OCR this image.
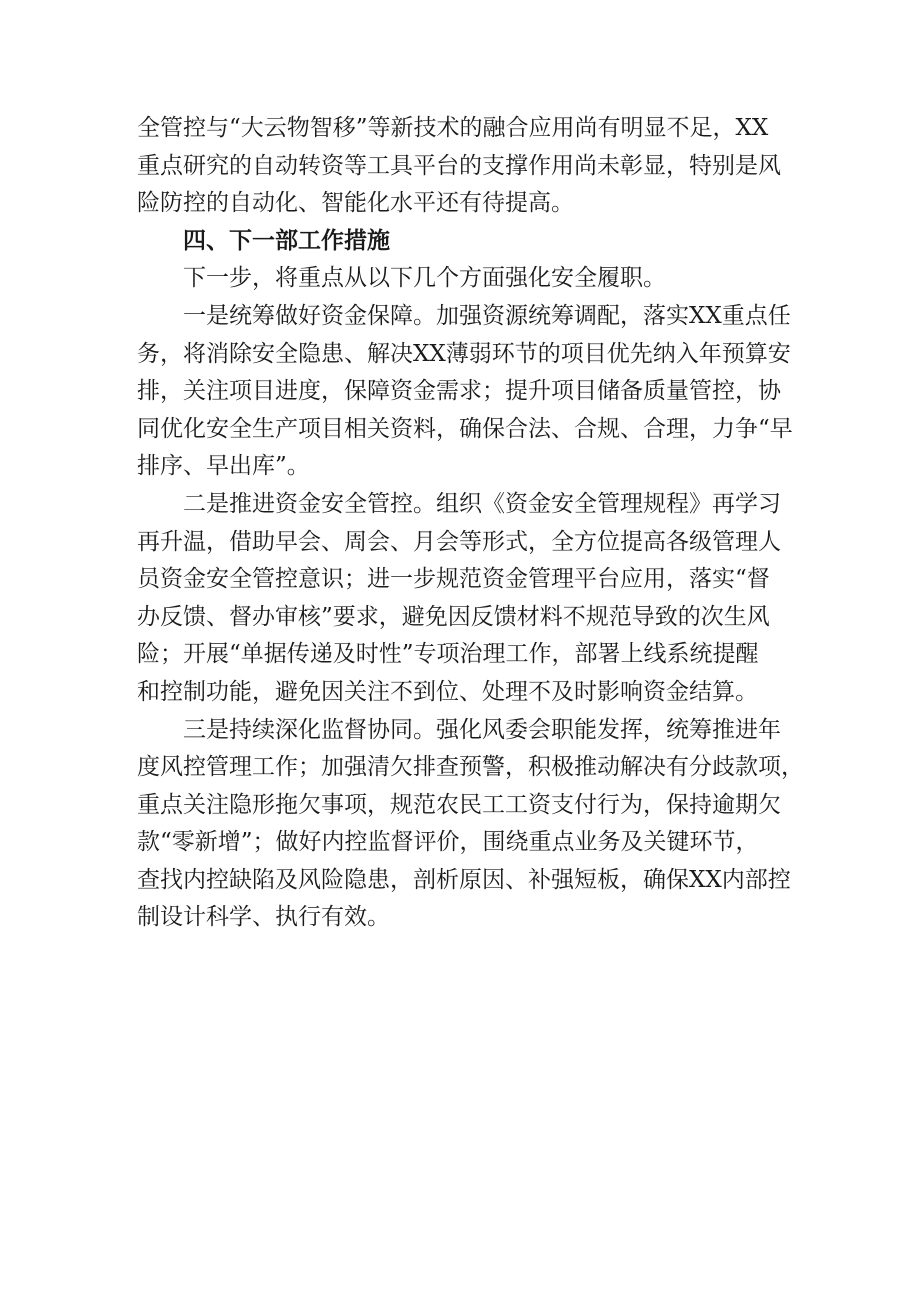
全管控与“大云物智移”等新技术的融合应用尚有明显不足，XX
重点研究的自动转资等工具平台的支撑作用尚未彰显，特别是风
险防控的自动化、智能化水平还有待提高。
四、下一部工作措施
下一步，将重点从以下几个方面强化安全履职。
一是统筹做好资金保障。加强资源统筹调配，落实XX重点任
务，将消除安全隐患、解决XX薄弱环节的项目优先纳入年预算安
排，关注项目进度，保障资金需求；提升项目储备质量管控，协
同优化安全生产项目相关资料，确保合法、合规、合理，力争“早
排序、早出库”。
二是推进资金安全管控。组织《资金安全管理规程》再学习
再升温，借助早会、周会、月会等形式，全方位提高各级管理人
员资金安全管控意识；进一步规范资金管理平台应用，落实“督
办反馈、督办审核”要求，避免因反馈材料不规范导致的次生风
险；开展“单据传递及时性”专项治理工作，部署上线系统提醒
和控制功能，避免因关注不到位、处理不及时影响资金结算。
三是持续深化监督协同。强化风委会职能发挥，统筹推进年
度风控管理工作；加强清欠排查预警，积极推动解决有分歧款项，
重点关注隐形拖欠事项，规范农民工工资支付行为，保持逾期欠
款“零新增”；做好内控监督评价，围绕重点业务及关键环节，
查找内控缺陷及风险隐患，剖析原因、补强短板，确保XX内部控
制设计科学、执行有效。
